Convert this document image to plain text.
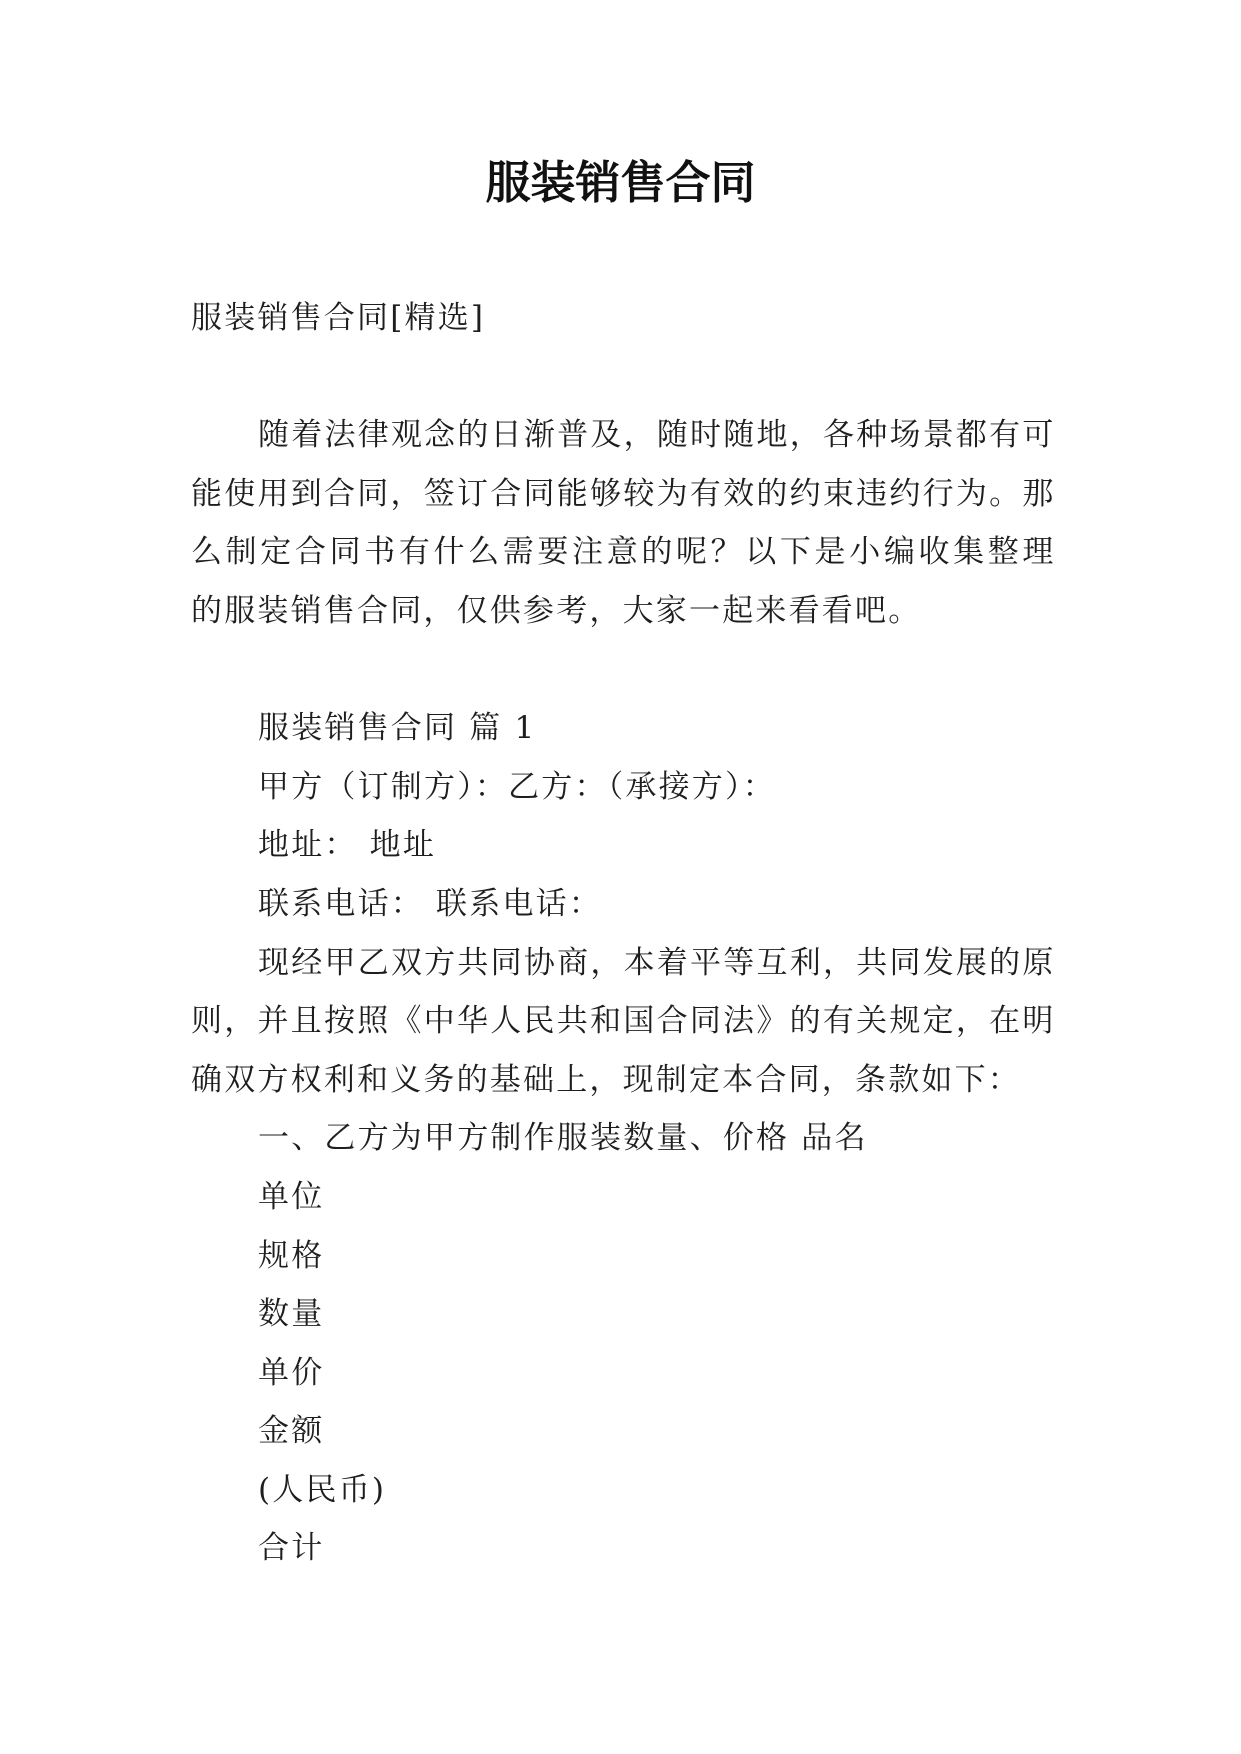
服装销售合同

服装销售合同[精选]

随着法律观念的日渐普及，随时随地，各种场景都有可

能使用到合同，签订合同能够较为有效的约束违约行为。那

么制定合同书有什么需要注意的呢？以下是小编收集整理

的服装销售合同，仅供参考，大家一起来看看吧。

服装销售合同 篇 1

甲方（订制方）：乙方：（承接方）：

地址： 地址

联系电话： 联系电话：

现经甲乙双方共同协商，本着平等互利，共同发展的原

则，并且按照《中华人民共和国合同法》的有关规定，在明

确双方权利和义务的基础上，现制定本合同，条款如下：

一、乙方为甲方制作服装数量、价格 品名

单位

规格

数量

单价

金额

(人民币)

合计
